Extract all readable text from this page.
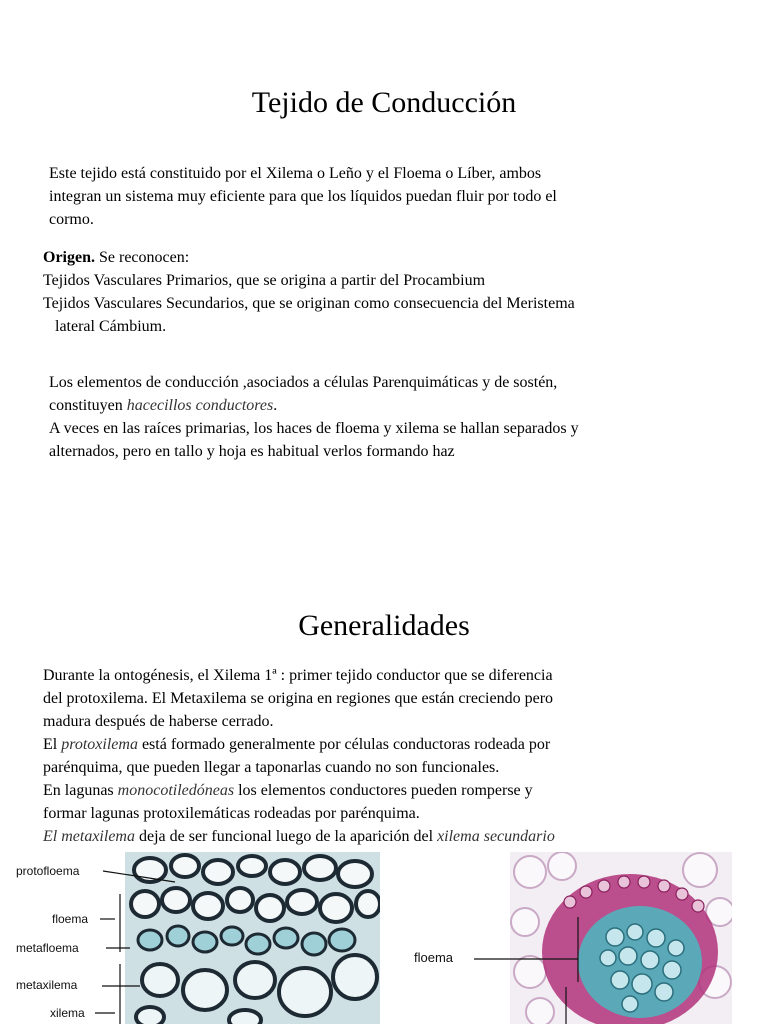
Tejido de Conducción
Este tejido está constituido por el Xilema o Leño y el Floema o Líber, ambos
integran un sistema muy eficiente para que los líquidos puedan fluir por todo el
cormo.
Origen. Se reconocen:
Tejidos Vasculares Primarios, que se origina a partir del Procambium
Tejidos Vasculares Secundarios, que se originan como consecuencia del Meristema
lateral Cámbium.
Los elementos de conducción ,asociados a células Parenquimáticas y de sostén,
constituyen hacecillos conductores.
A veces en las raíces primarias, los haces de floema y xilema se hallan separados y
alternados, pero en tallo y hoja es habitual verlos formando haz
Generalidades
Durante la ontogénesis, el Xilema 1ª : primer tejido conductor que se diferencia
del protoxilema. El Metaxilema se origina en regiones que están creciendo pero
madura después de haberse cerrado.
El protoxilema está formado generalmente por células conductoras rodeada por
parénquima, que pueden llegar a taponarlas cuando no son funcionales.
En lagunas monocotiledóneas los elementos conductores pueden romperse y
formar lagunas protoxilemáticas rodeadas por parénquima.
El metaxilema deja de ser funcional luego de la aparición del xilema secundario
protofloema
floema
metafloema
metaxilema
xilema
floema
